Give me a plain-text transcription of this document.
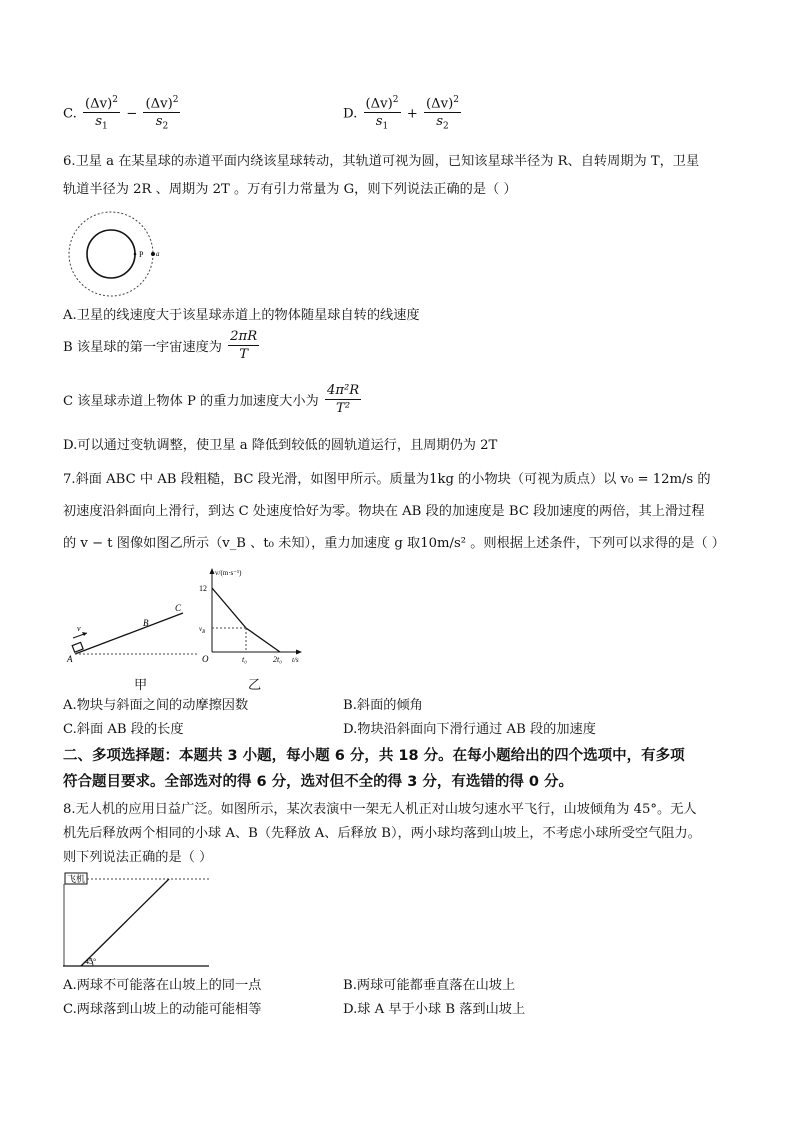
C. $\frac{(\Delta v)^2}{s_1} - \frac{(\Delta v)^2}{s_2}$	D. $\frac{(\Delta v)^2}{s_1} + \frac{(\Delta v)^2}{s_2}$
6.卫星 a 在某星球的赤道平面内绕该星球转动，其轨道可视为圆，已知该星球半径为 R、自转周期为 T，卫星
轨道半径为 2R 、周期为 2T 。万有引力常量为 G，则下列说法正确的是（ ）
P a
A.卫星的线速度大于该星球赤道上的物体随星球自转的线速度
B 该星球的第一宇宙速度为 $\frac{2\pi R}{T}$
C 该星球赤道上物体 P 的重力加速度大小为 $\frac{\text{4π²R}}{\text{T²}}$
D.可以通过变轨调整，使卫星 a 降低到较低的圆轨道运行，且周期仍为 2T
7.斜面 ABC 中 AB 段粗糙，BC 段光滑，如图甲所示。质量为1kg 的小物块（可视为质点）以 v₀ = 12m/s 的
初速度沿斜面向上滑行，到达 C 处速度恰好为零。物块在 AB 段的加速度是 BC 段加速度的两倍，其上滑过程
的 v − t 图像如图乙所示（v_B 、t₀ 未知），重力加速度 g 取10m/s² 。则根据上述条件，下列可以求得的是（ ）
v
A
B
C
v/(m·s⁻¹)
12
$v_B$
O	t₀	2t₀ t/s
甲	乙
A.物块与斜面之间的动摩擦因数	B.斜面的倾角
C.斜面 AB 段的长度	D.物块沿斜面向下滑行通过 AB 段的加速度
二、多项选择题：本题共 3 小题，每小题 6 分，共 18 分。在每小题给出的四个选项中，有多项
符合题目要求。全部选对的得 6 分，选对但不全的得 3 分，有选错的得 0 分。
8.无人机的应用日益广泛。如图所示，某次表演中一架无人机正对山坡匀速水平飞行，山坡倾角为 45°。无人
机先后释放两个相同的小球 A、B（先释放 A、后释放 B），两小球均落到山坡上，不考虑小球所受空气阻力。
则下列说法正确的是（ ）
飞机
45°
A.两球不可能落在山坡上的同一点	B.两球可能都垂直落在山坡上
C.两球落到山坡上的动能可能相等	D.球 A 早于小球 B 落到山坡上
